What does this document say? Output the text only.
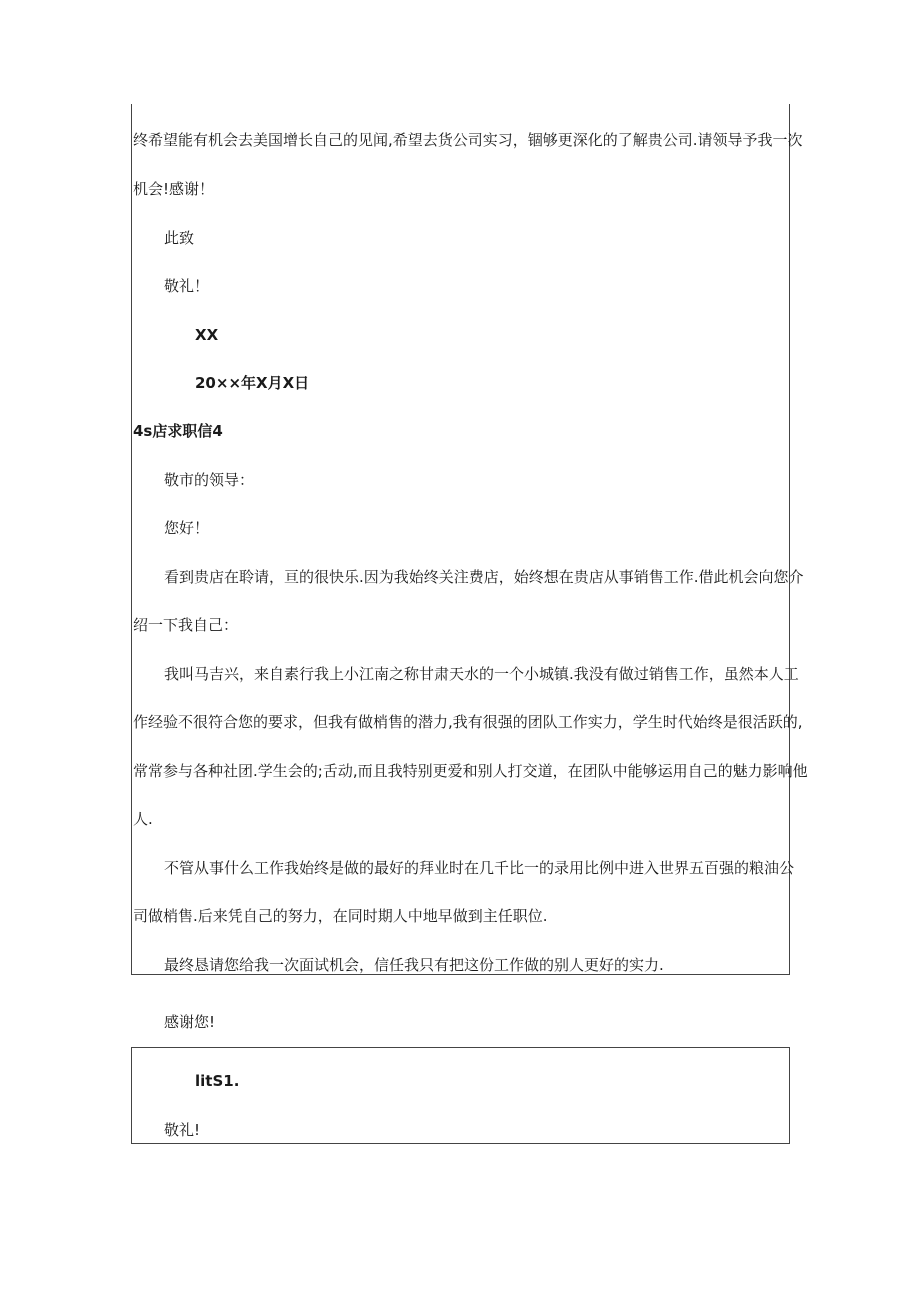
终希望能有机会去美国增长自己的见闻,希望去货公司实习，锢够更深化的了解贵公司.请领导予我一次

机会!感谢！

此致

敬礼！

XX

20××年X月X日

4s店求职信4

敬市的领导：

您好！

看到贵店在聆请，亘的很快乐.因为我始终关注费店，始终想在贵店从事销售工作.借此机会向您介

绍一下我自己：

我叫马吉兴，来自素行我上小江南之称甘肃天水的一个小城镇.我没有做过销售工作，虽然本人工

作经验不很符合您的要求，但我有做梢售的潜力,我有很强的团队工作实力，学生时代始终是很活跃的,

常常参与各种社团.学生会的;舌动,而且我特别更爱和别人打交道，在团队中能够运用自己的魅力影响他

人.

不管从事什么工作我始终是做的最好的拜业时在几千比一的录用比例中进入世界五百强的粮油公

司做梢售.后来凭自己的努力，在同时期人中地早做到主任职位.

最终恳请您给我一次面试机会，信任我只有把这份工作做的别人更好的实力.

感谢您!

litS1.

敬礼!
